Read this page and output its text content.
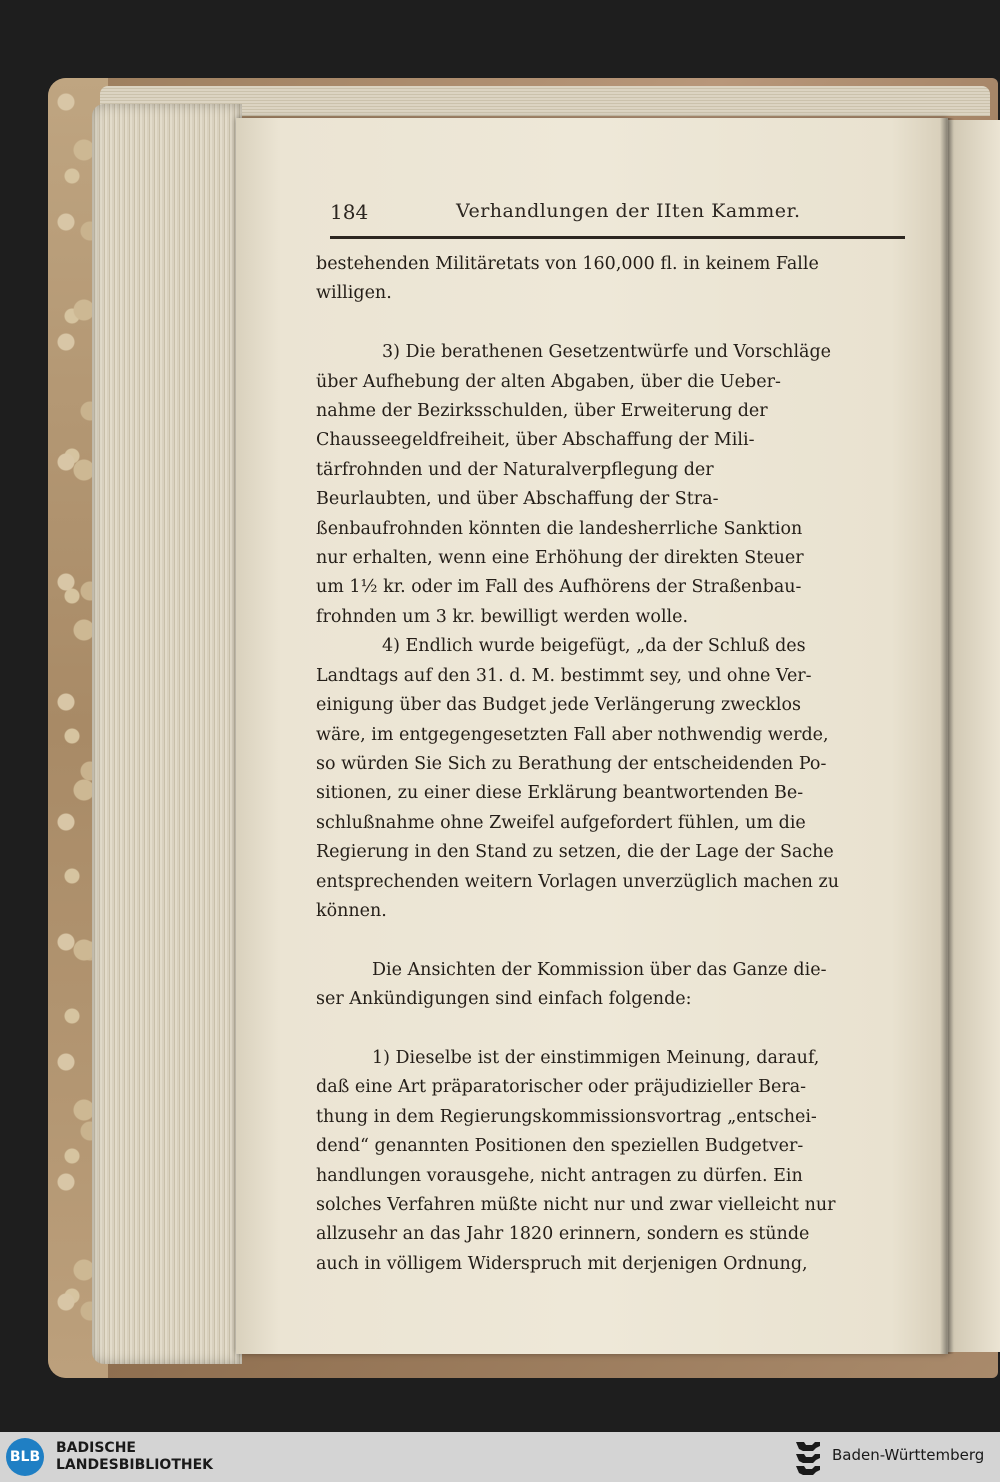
184	Verhandlungen der IIten Kammer.

bestehenden Militäretats von 160,000 fl. in keinem Falle

willigen.

3) Die berathenen Gesetzentwürfe und Vorschläge

über Aufhebung der alten Abgaben, über die Ueber-

nahme der Bezirksschulden, über Erweiterung der

Chausseegeldfreiheit, über Abschaffung der Mili-

tärfrohnden und der Naturalverpflegung der

Beurlaubten, und über Abschaffung der Stra-

ßenbaufrohnden könnten die landesherrliche Sanktion

nur erhalten, wenn eine Erhöhung der direkten Steuer

um 1½ kr. oder im Fall des Aufhörens der Straßenbau-

frohnden um 3 kr. bewilligt werden wolle.

4) Endlich wurde beigefügt, „da der Schluß des

Landtags auf den 31. d. M. bestimmt sey, und ohne Ver-

einigung über das Budget jede Verlängerung zwecklos

wäre, im entgegengesetzten Fall aber nothwendig werde,

so würden Sie Sich zu Berathung der entscheidenden Po-

sitionen, zu einer diese Erklärung beantwortenden Be-

schlußnahme ohne Zweifel aufgefordert fühlen, um die

Regierung in den Stand zu setzen, die der Lage der Sache

entsprechenden weitern Vorlagen unverzüglich machen zu

können.

Die Ansichten der Kommission über das Ganze die-

ser Ankündigungen sind einfach folgende:

1) Dieselbe ist der einstimmigen Meinung, darauf,

daß eine Art präparatorischer oder präjudizieller Bera-

thung in dem Regierungskommissionsvortrag „entschei-

dend“ genannten Positionen den speziellen Budgetver-

handlungen vorausgehe, nicht antragen zu dürfen. Ein

solches Verfahren müßte nicht nur und zwar vielleicht nur

allzusehr an das Jahr 1820 erinnern, sondern es stünde

auch in völligem Widerspruch mit derjenigen Ordnung,

BLB
BADISCHE
LANDESBIBLIOTHEK
Baden-Württemberg
